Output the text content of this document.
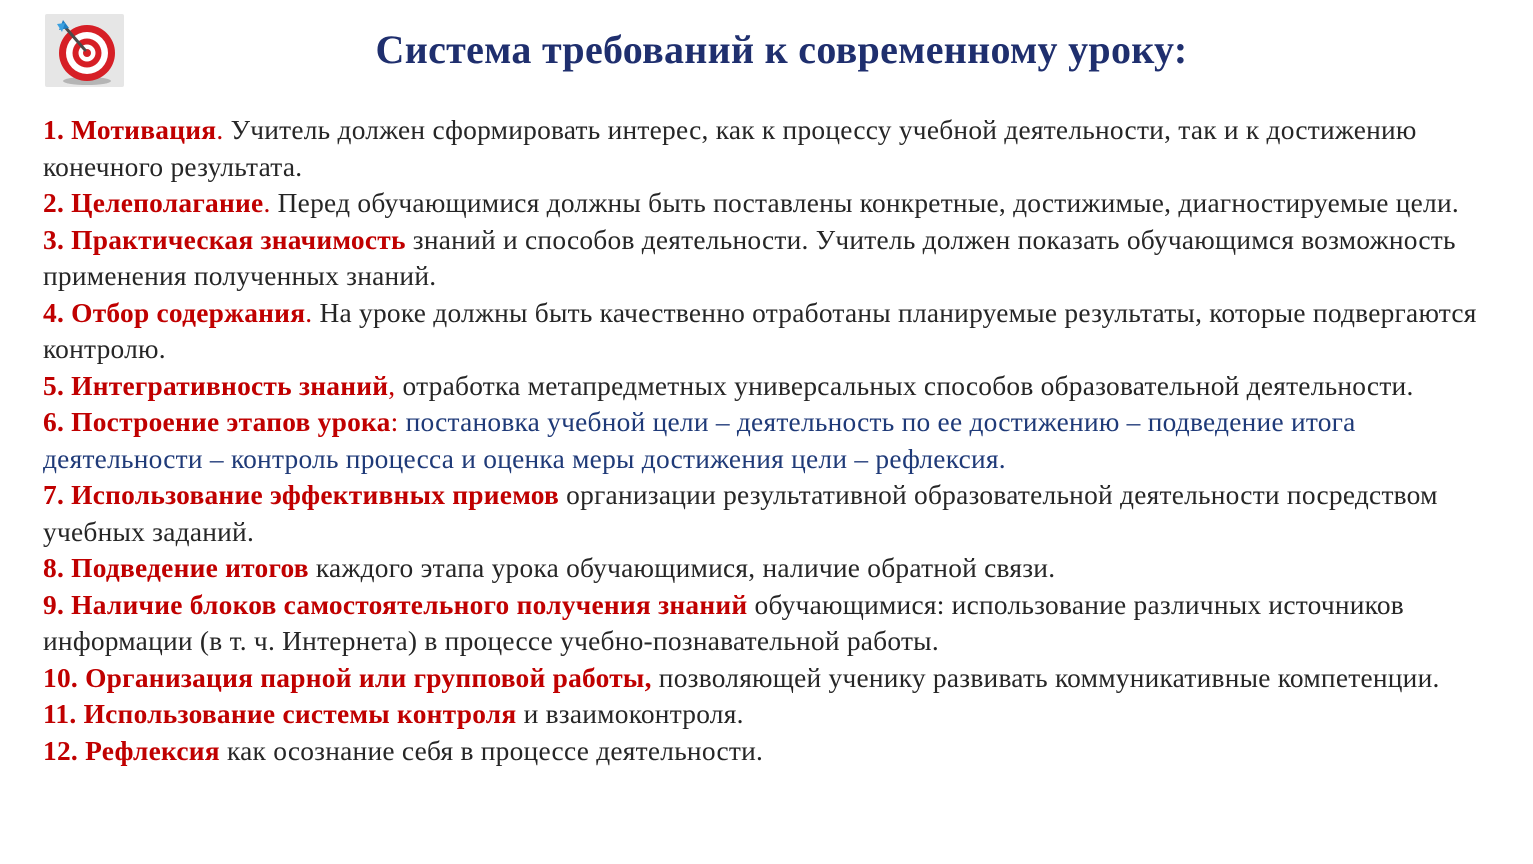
Система требований к современному уроку:
1. Мотивация. Учитель должен сформировать интерес, как к процессу учебной деятельности, так и к достижению конечного результата.
2. Целеполагание. Перед обучающимися должны быть поставлены конкретные, достижимые, диагностируемые цели.
3. Практическая значимость знаний и способов деятельности. Учитель должен показать обучающимся возможность применения полученных знаний.
4. Отбор содержания. На уроке должны быть качественно отработаны планируемые результаты, которые подвергаются контролю.
5. Интегративность знаний, отработка метапредметных универсальных способов образовательной деятельности.
6. Построение этапов урока: постановка учебной цели – деятельность по ее достижению – подведение итога деятельности – контроль процесса и оценка меры достижения цели – рефлексия.
7. Использование эффективных приемов организации результативной образовательной деятельности посредством учебных заданий.
8. Подведение итогов каждого этапа урока обучающимися, наличие обратной связи.
9. Наличие блоков самостоятельного получения знаний обучающимися: использование различных источников информации (в т. ч. Интернета) в процессе учебно-познавательной работы.
10. Организация парной или групповой работы, позволяющей ученику развивать коммуникативные компетенции.
11. Использование системы контроля и взаимоконтроля.
12. Рефлексия как осознание себя в процессе деятельности.
